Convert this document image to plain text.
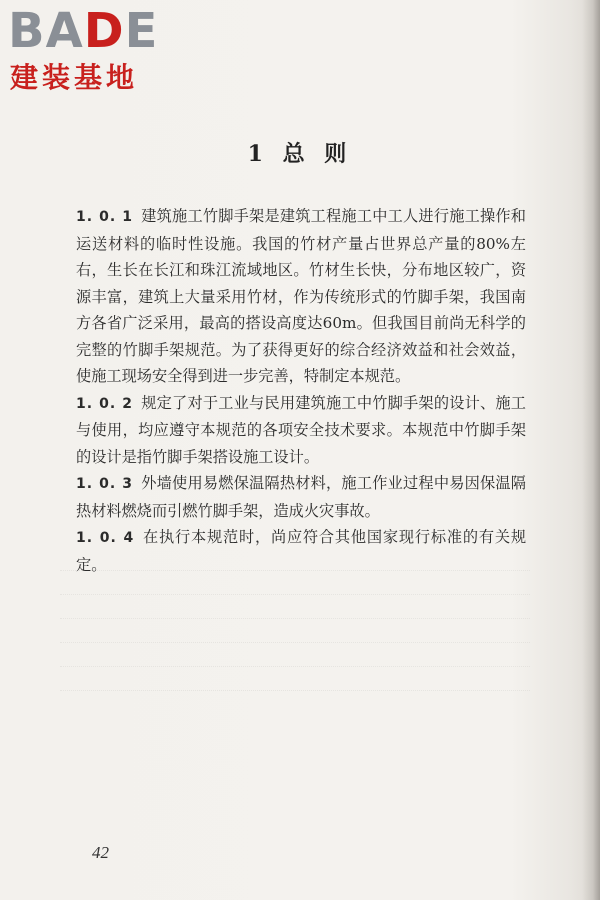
BADE
建装基地
1 总 则

1. 0. 1 建筑施工竹脚手架是建筑工程施工中工人进行施工操作和运送材料的临时性设施。我国的竹材产量占世界总产量的80%左右，生长在长江和珠江流域地区。竹材生长快，分布地区较广，资源丰富，建筑上大量采用竹材，作为传统形式的竹脚手架，我国南方各省广泛采用，最高的搭设高度达60m。但我国目前尚无科学的完整的竹脚手架规范。为了获得更好的综合经济效益和社会效益，使施工现场安全得到进一步完善，特制定本规范。

1. 0. 2 规定了对于工业与民用建筑施工中竹脚手架的设计、施工与使用，均应遵守本规范的各项安全技术要求。本规范中竹脚手架的设计是指竹脚手架搭设施工设计。

1. 0. 3 外墙使用易燃保温隔热材料，施工作业过程中易因保温隔热材料燃烧而引燃竹脚手架，造成火灾事故。

1. 0. 4 在执行本规范时，尚应符合其他国家现行标准的有关规定。

42
